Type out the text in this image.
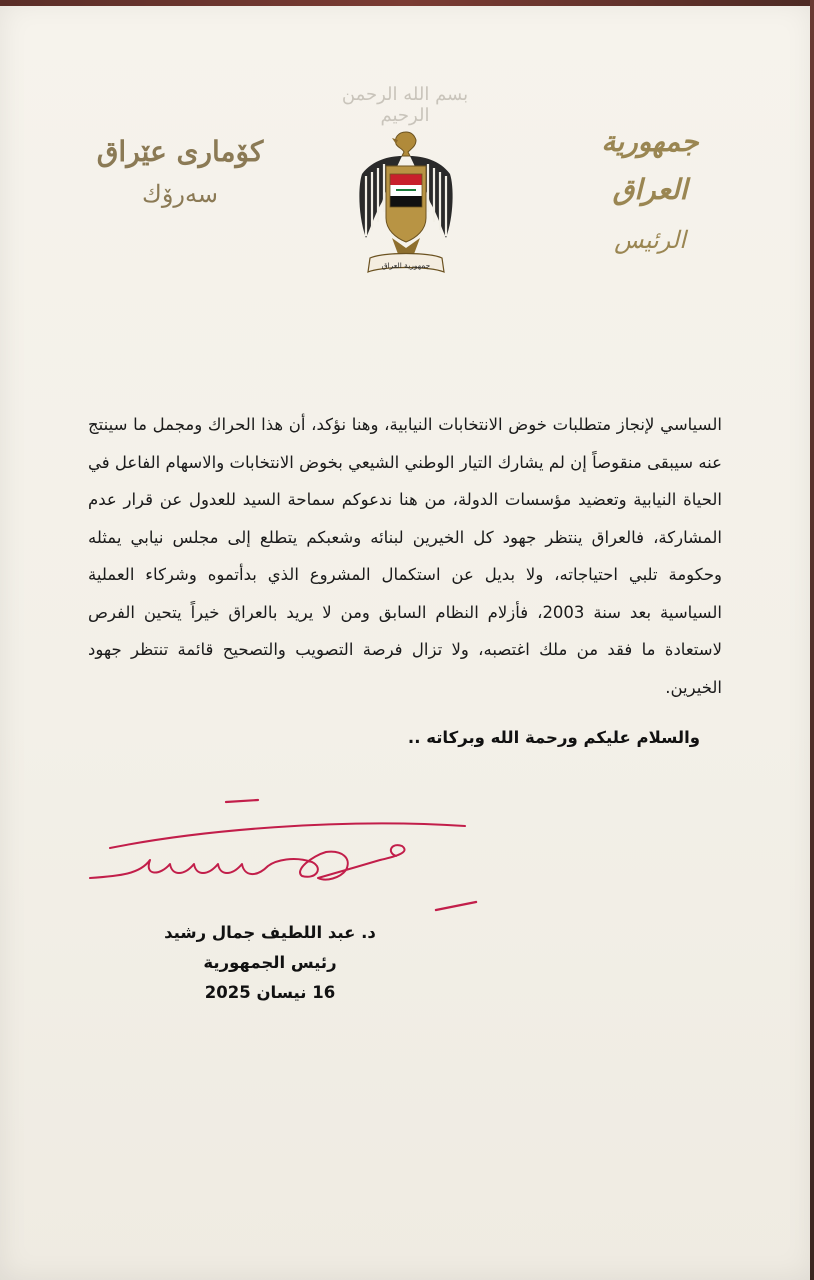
بسم الله الرحمن الرحيم
كۆماری عێراق
سەرۆك
جمهورية العراق
جمهورية العراق
الرئيس

السياسي لإنجاز متطلبات خوض الانتخابات النيابية، وهنا نؤكد، أن هذا الحراك ومجمل ما سينتج عنه سيبقى منقوصاً إن لم يشارك التيار الوطني الشيعي بخوض الانتخابات والاسهام الفاعل في الحياة النيابية وتعضيد مؤسسات الدولة، من هنا ندعوكم سماحة السيد للعدول عن قرار عدم المشاركة، فالعراق ينتظر جهود كل الخيرين لبنائه وشعبكم يتطلع إلى مجلس نيابي يمثله وحكومة تلبي احتياجاته، ولا بديل عن استكمال المشروع الذي بدأتموه وشركاء العملية السياسية بعد سنة 2003، فأزلام النظام السابق ومن لا يريد بالعراق خيراً يتحين الفرص لاستعادة ما فقد من ملك اغتصبه، ولا تزال فرصة التصويب والتصحيح قائمة تنتظر جهود الخيرين.

والسلام عليكم ورحمة الله وبركاته ..
د. عبد اللطيف جمال رشيد
رئيس الجمهورية
16 نيسان 2025
